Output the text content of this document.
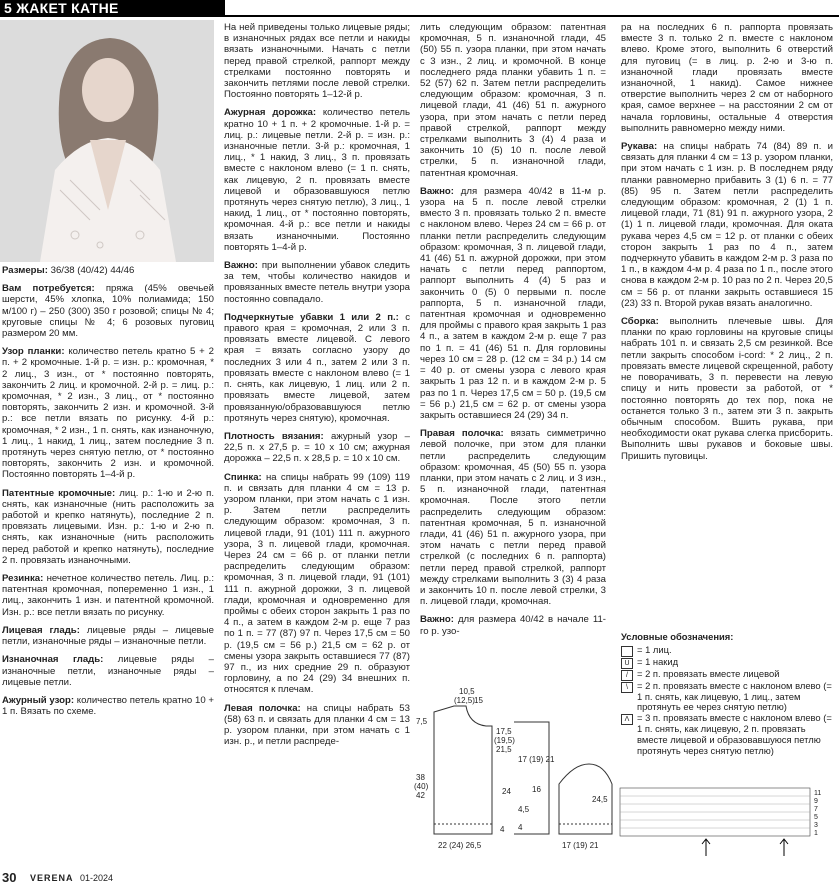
5 ЖАКЕТ КАТНЕ

Размеры: 36/38 (40/42) 44/46

Вам потребуется: пряжа (45% овечьей шерсти, 45% хлопка, 10% полиамида; 150 м/100 г) – 250 (300) 350 г розовой; спицы № 4; круговые спицы № 4; 6 розовых пуговиц размером 20 мм.

Узор планки: количество петель кратно 5 + 2 п. + 2 кромочные. 1-й р. = изн. р.: кромочная, * 2 лиц., 3 изн., от * постоянно повторять, закончить 2 лиц. и кромочной. 2-й р. = лиц. р.: кромочная, * 2 изн., 3 лиц., от * постоянно повторять, закончить 2 изн. и кромочной. 3-й р.: все петли вязать по рисунку. 4-й р.: кромочная, * 2 изн., 1 п. снять, как изнаночную, 1 лиц., 1 накид, 1 лиц., затем последние 3 п. протянуть через снятую петлю, от * постоянно повторять, закончить 2 изн. и кромочной. Постоянно повторять 1–4-й р.

Патентные кромочные: лиц. р.: 1-ю и 2-ю п. снять, как изнаночные (нить расположить за работой и крепко натянуть), последние 2 п. провязать лицевыми. Изн. р.: 1-ю и 2-ю п. снять, как изнаночные (нить расположить перед работой и крепко натянуть), последние 2 п. провязать изнаночными.

Резинка: нечетное количество петель. Лиц. р.: патентная кромочная, попеременно 1 изн., 1 лиц., закончить 1 изн. и патентной кромочной. Изн. р.: все петли вязать по рисунку.

Лицевая гладь: лицевые ряды – лицевые петли, изнаночные ряды – изнаночные петли.

Изнаночная гладь: лицевые ряды – изнаночные петли, изнаночные ряды – лицевые петли.

Ажурный узор: количество петель кратно 10 + 1 п. Вязать по схеме.

На ней приведены только лицевые ряды; в изнаночных рядах все петли и накиды вязать изнаночными. Начать с петли перед правой стрелкой, раппорт между стрелками постоянно повторять и закончить петлями после левой стрелки. Постоянно повторять 1–12-й р.

Ажурная дорожка: количество петель кратно 10 + 1 п. + 2 кромочные. 1-й р. = лиц. р.: лицевые петли. 2-й р. = изн. р.: изнаночные петли. 3-й р.: кромочная, 1 лиц., * 1 накид, 3 лиц., 3 п. провязать вместе с наклоном влево (= 1 п. снять, как лицевую, 2 п. провязать вместе лицевой и образовавшуюся петлю протянуть через снятую петлю), 3 лиц., 1 накид, 1 лиц., от * постоянно повторять, кромочная. 4-й р.: все петли и накиды вязать изнаночными. Постоянно повторять 1–4-й р.

Важно: при выполнении убавок следить за тем, чтобы количество накидов и провязанных вместе петель внутри узора постоянно совпадало.

Подчеркнутые убавки 1 или 2 п.: с правого края = кромочная, 2 или 3 п. провязать вместе лицевой. С левого края = вязать согласно узору до последних 3 или 4 п., затем 2 или 3 п. провязать вместе с наклоном влево (= 1 п. снять, как лицевую, 1 лиц. или 2 п. провязать вместе лицевой, затем провязанную/образовавшуюся петлю протянуть через снятую), кромочная.

Плотность вязания: ажурный узор – 22,5 п. х 27,5 р. = 10 х 10 см; ажурная дорожка – 22,5 п. х 28,5 р. = 10 х 10 см.

Спинка: на спицы набрать 99 (109) 119 п. и связать для планки 4 см = 13 р. узором планки, при этом начать с 1 изн. р. Затем петли распределить следующим образом: кромочная, 3 п. лицевой глади, 91 (101) 111 п. ажурного узора, 3 п. лицевой глади, кромочная. Через 24 см = 66 р. от планки петли распределить следующим образом: кромочная, 3 п. лицевой глади, 91 (101) 111 п. ажурной дорожки, 3 п. лицевой глади, кромочная и одновременно для проймы с обеих сторон закрыть 1 раз по 4 п., а затем в каждом 2-м р. еще 7 раз по 1 п. = 77 (87) 97 п. Через 17,5 см = 50 р. (19,5 см = 56 р.) 21,5 см = 62 р. от смены узора закрыть оставшиеся 77 (87) 97 п., из них средние 29 п. образуют горловину, а по 24 (29) 34 внешних п. относятся к плечам.

Левая полочка: на спицы набрать 53 (58) 63 п. и связать для планки 4 см = 13 р. узором планки, при этом начать с 1 изн. р., и петли распреде-

лить следующим образом: патентная кромочная, 5 п. изнаночной глади, 45 (50) 55 п. узора планки, при этом начать с 3 изн., 2 лиц. и кромочной. В конце последнего ряда планки убавить 1 п. = 52 (57) 62 п. Затем петли распределить следующим образом: кромочная, 3 п. лицевой глади, 41 (46) 51 п. ажурного узора, при этом начать с петли перед правой стрелкой, раппорт между стрелками выполнить 3 (4) 4 раза и закончить 10 (5) 10 п. после левой стрелки, 5 п. изнаночной глади, патентная кромочная.

Важно: для размера 40/42 в 11-м р. узора на 5 п. после левой стрелки вместо 3 п. провязать только 2 п. вместе с наклоном влево. Через 24 см = 66 р. от планки петли распределить следующим образом: кромочная, 3 п. лицевой глади, 41 (46) 51 п. ажурной дорожки, при этом начать с петли перед раппортом, раппорт выполнить 4 (4) 5 раз и закончить 0 (5) 0 первыми п. после раппорта, 5 п. изнаночной глади, патентная кромочная и одновременно для проймы с правого края закрыть 1 раз 4 п., а затем в каждом 2-м р. еще 7 раз по 1 п. = 41 (46) 51 п. Для горловины через 10 см = 28 р. (12 см = 34 р.) 14 см = 40 р. от смены узора с левого края закрыть 1 раз 12 п. и в каждом 2-м р. 5 раз по 1 п. Через 17,5 см = 50 р. (19,5 см = 56 р.) 21,5 см = 62 р. от смены узора закрыть оставшиеся 24 (29) 34 п.

Правая полочка: вязать симметрично левой полочке, при этом для планки петли распределить следующим образом: кромочная, 45 (50) 55 п. узора планки, при этом начать с 2 лиц. и 3 изн., 5 п. изнаночной глади, патентная кромочная. После этого петли распределить следующим образом: патентная кромочная, 5 п. изнаночной глади, 41 (46) 51 п. ажурного узора, при этом начать с петли перед правой стрелкой (с последних 6 п. раппорта) петли перед правой стрелкой, раппорт между стрелками выполнить 3 (3) 4 раза и закончить 10 п. после левой стрелки, 3 п. лицевой глади, кромочная.

Важно: для размера 40/42 в начале 11-го р. узо-

ра на последних 6 п. раппорта провязать вместе 3 п. только 2 п. вместе с наклоном влево. Кроме этого, выполнить 6 отверстий для пуговиц (= в лиц. р. 2-ю и 3-ю п. изнаночной глади провязать вместе изнаночной, 1 накид). Самое нижнее отверстие выполнить через 2 см от наборного края, самое верхнее – на расстоянии 2 см от начала горловины, остальные 4 отверстия выполнить равномерно между ними.

Рукава: на спицы набрать 74 (84) 89 п. и связать для планки 4 см = 13 р. узором планки, при этом начать с 1 изн. р. В последнем ряду планки равномерно прибавить 3 (1) 6 п. = 77 (85) 95 п. Затем петли распределить следующим образом: кромочная, 2 (1) 1 п. лицевой глади, 71 (81) 91 п. ажурного узора, 2 (1) 1 п. лицевой глади, кромочная. Для оката рукава через 4,5 см = 12 р. от планки с обеих сторон закрыть 1 раз по 4 п., затем подчеркнуто убавить в каждом 2-м р. 3 раза по 1 п., в каждом 4-м р. 4 раза по 1 п., после этого снова в каждом 2-м р. 10 раз по 2 п. Через 20,5 см = 56 р. от планки закрыть оставшиеся 15 (23) 33 п. Второй рукав вязать аналогично.

Сборка: выполнить плечевые швы. Для планки по краю горловины на круговые спицы набрать 101 п. и связать 2,5 см резинкой. Все петли закрыть способом i-cord: * 2 лиц., 2 п. провязать вместе лицевой скрещенной, работу не поворачивать, 3 п. перевести на левую спицу и нить провести за работой, от * постоянно повторять до тех пор, пока не останется только 3 п., затем эти 3 п. закрыть обычным способом. Вшить рукава, при необходимости окат рукава слегка присборить. Выполнить швы рукавов и боковые швы. Пришить пуговицы.

Условные обозначения:
= 1 лиц.
U = 1 накид
/ = 2 п. провязать вместе лицевой
\ = 2 п. провязать вместе с наклоном влево (= 1 п. снять, как лицевую, 1 лиц., затем протянуть ее через снятую петлю)
Λ = 3 п. провязать вместе с наклоном влево (= 1 п. снять, как лицевую, 2 п. провязать вместе лицевой и образовавшуюся петлю протянуть через снятую петлю)
10,5
(12,5) 15
7,5
17,5
(19,5)
21,5
38
(40)
42	24
4
22 (24) 26,5
17 (19) 21
16
24,5
4,5
4
17 (19) 21
11
9
7
5
3
1
30 VERENA 01-2024
